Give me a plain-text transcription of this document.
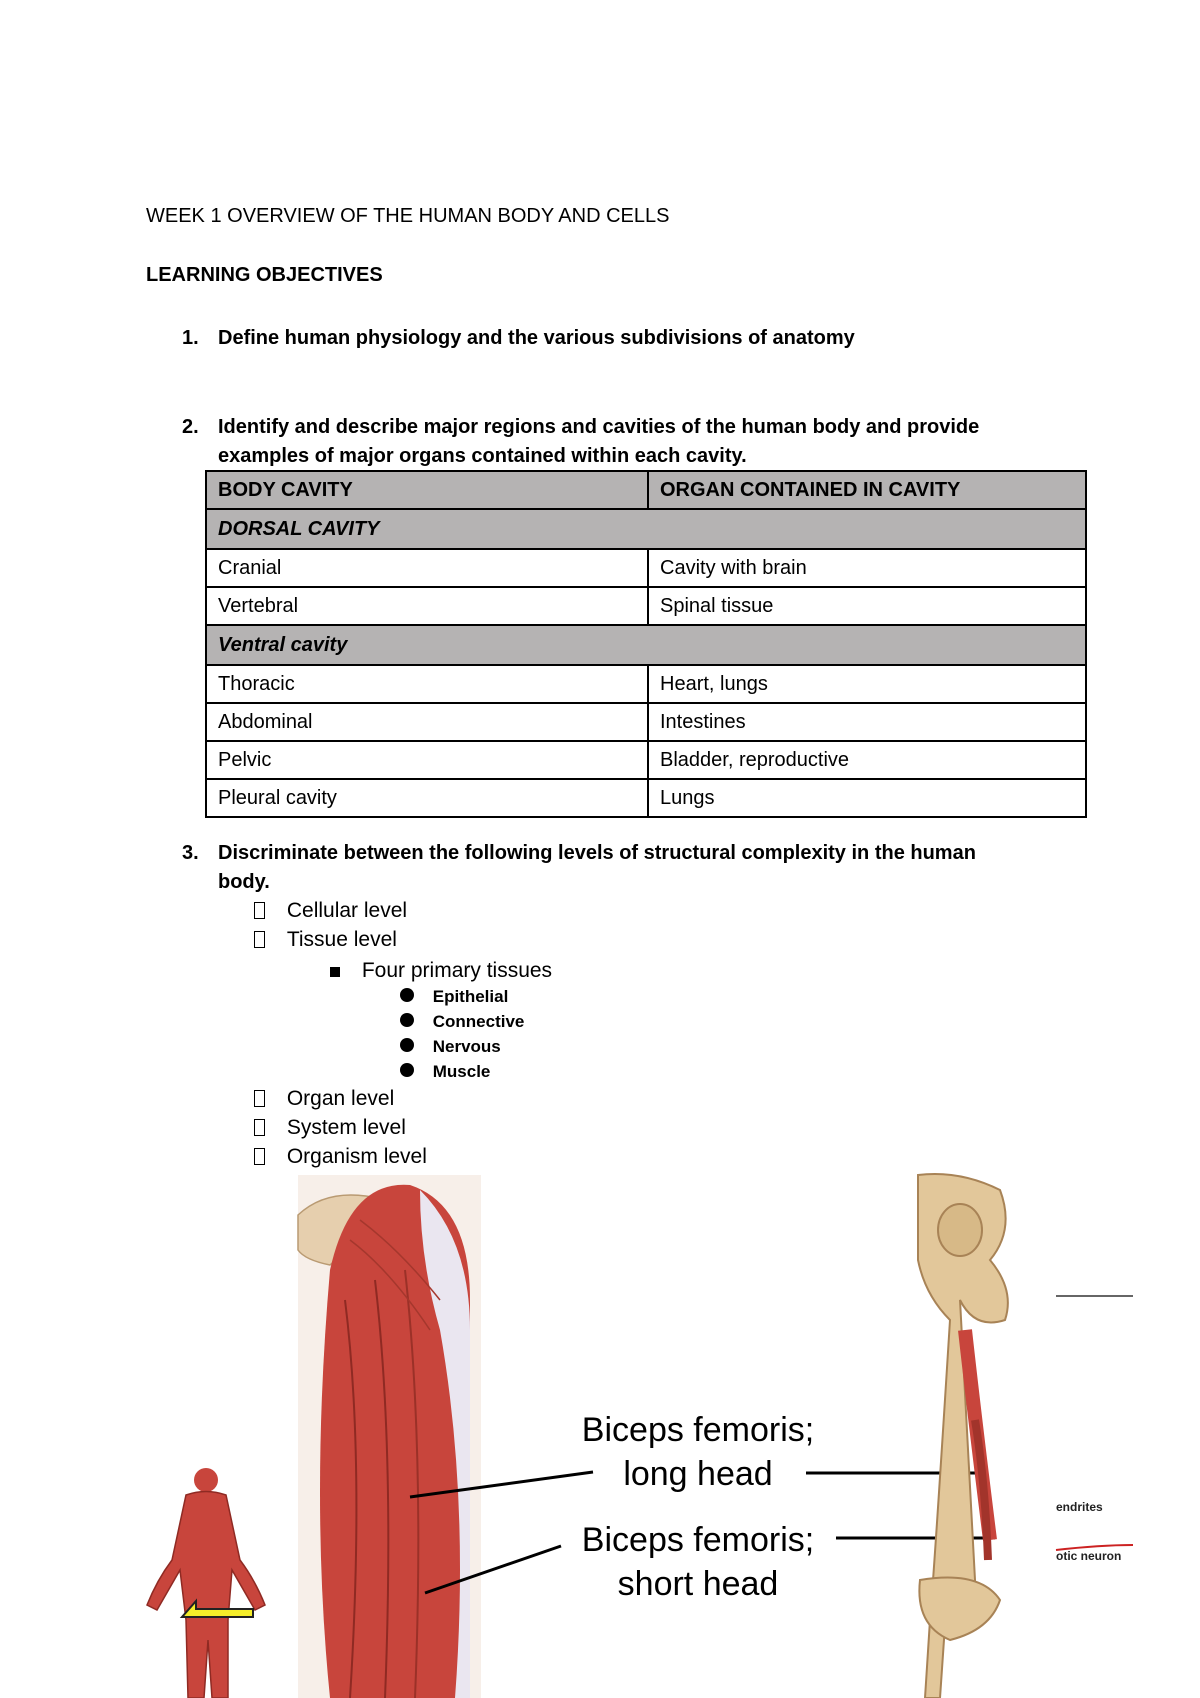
WEEK 1 OVERVIEW OF THE HUMAN BODY AND CELLS
LEARNING OBJECTIVES
1. Define human physiology and the various subdivisions of anatomy
2. Identify and describe major regions and cavities of the human body and provide
examples of major organs contained within each cavity.
BODY CAVITY	ORGAN CONTAINED IN CAVITY
DORSAL CAVITY	
Cranial	Cavity with brain
Vertebral	Spinal tissue
Ventral cavity	
Thoracic	Heart, lungs
Abdominal	Intestines
Pelvic	Bladder, reproductive
Pleural cavity	Lungs
3. Discriminate between the following levels of structural complexity in the human
body.
Cellular level
Tissue level
Four primary tissues
Epithelial
Connective
Nervous
Muscle
Organ level
System level
Organism level
Biceps femoris;
long head
Biceps femoris;
short head
endrites
otic neuron
